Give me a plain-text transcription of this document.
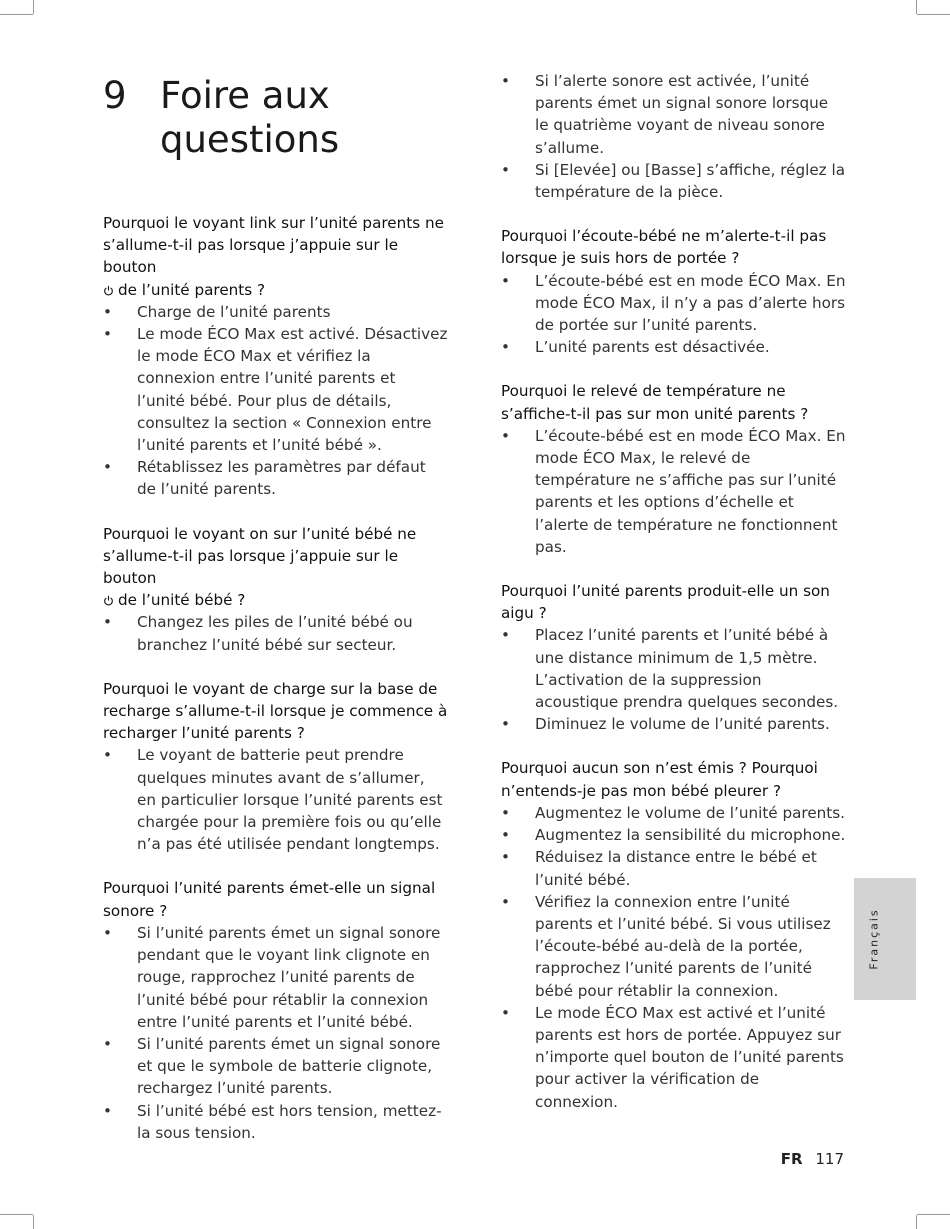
9 Foire aux questions

Pourquoi le voyant link sur l’unité parents ne s’allume-t-il pas lorsque j’appuie sur le bouton
de l’unité parents ?

• Charge de l’unité parents
• Le mode ÉCO Max est activé. Désactivez le mode ÉCO Max et vérifiez la connexion entre l’unité parents et l’unité bébé. Pour plus de détails, consultez la section « Connexion entre l’unité parents et l’unité bébé ».
• Rétablissez les paramètres par défaut de l’unité parents.

Pourquoi le voyant on sur l’unité bébé ne s’allume-t-il pas lorsque j’appuie sur le bouton
de l’unité bébé ?

• Changez les piles de l’unité bébé ou branchez l’unité bébé sur secteur.

Pourquoi le voyant de charge sur la base de recharge s’allume-t-il lorsque je commence à recharger l’unité parents ?

• Le voyant de batterie peut prendre quelques minutes avant de s’allumer, en particulier lorsque l’unité parents est chargée pour la première fois ou qu’elle n’a pas été utilisée pendant longtemps.

Pourquoi l’unité parents émet-elle un signal sonore ?

• Si l’unité parents émet un signal sonore pendant que le voyant link clignote en rouge, rapprochez l’unité parents de l’unité bébé pour rétablir la connexion entre l’unité parents et l’unité bébé.
• Si l’unité parents émet un signal sonore et que le symbole de batterie clignote, rechargez l’unité parents.
• Si l’unité bébé est hors tension, mettez-la sous tension.
• Si l’alerte sonore est activée, l’unité parents émet un signal sonore lorsque le quatrième voyant de niveau sonore s’allume.
• Si [Elevée] ou [Basse] s’affiche, réglez la température de la pièce.

Pourquoi l’écoute-bébé ne m’alerte-t-il pas lorsque je suis hors de portée ?

• L’écoute-bébé est en mode ÉCO Max. En mode ÉCO Max, il n’y a pas d’alerte hors de portée sur l’unité parents.
• L’unité parents est désactivée.

Pourquoi le relevé de température ne s’affiche-t-il pas sur mon unité parents ?

• L’écoute-bébé est en mode ÉCO Max. En mode ÉCO Max, le relevé de température ne s’affiche pas sur l’unité parents et les options d’échelle et l’alerte de température ne fonctionnent pas.

Pourquoi l’unité parents produit-elle un son aigu ?

• Placez l’unité parents et l’unité bébé à une distance minimum de 1,5 mètre. L’activation de la suppression acoustique prendra quelques secondes.
• Diminuez le volume de l’unité parents.

Pourquoi aucun son n’est émis ? Pourquoi n’entends-je pas mon bébé pleurer ?

• Augmentez le volume de l’unité parents.
• Augmentez la sensibilité du microphone.
• Réduisez la distance entre le bébé et l’unité bébé.
• Vérifiez la connexion entre l’unité parents et l’unité bébé. Si vous utilisez l’écoute-bébé au-delà de la portée, rapprochez l’unité parents de l’unité bébé pour rétablir la connexion.
• Le mode ÉCO Max est activé et l’unité parents est hors de portée. Appuyez sur n’importe quel bouton de l’unité parents pour activer la vérification de connexion.
Français
FR 117
